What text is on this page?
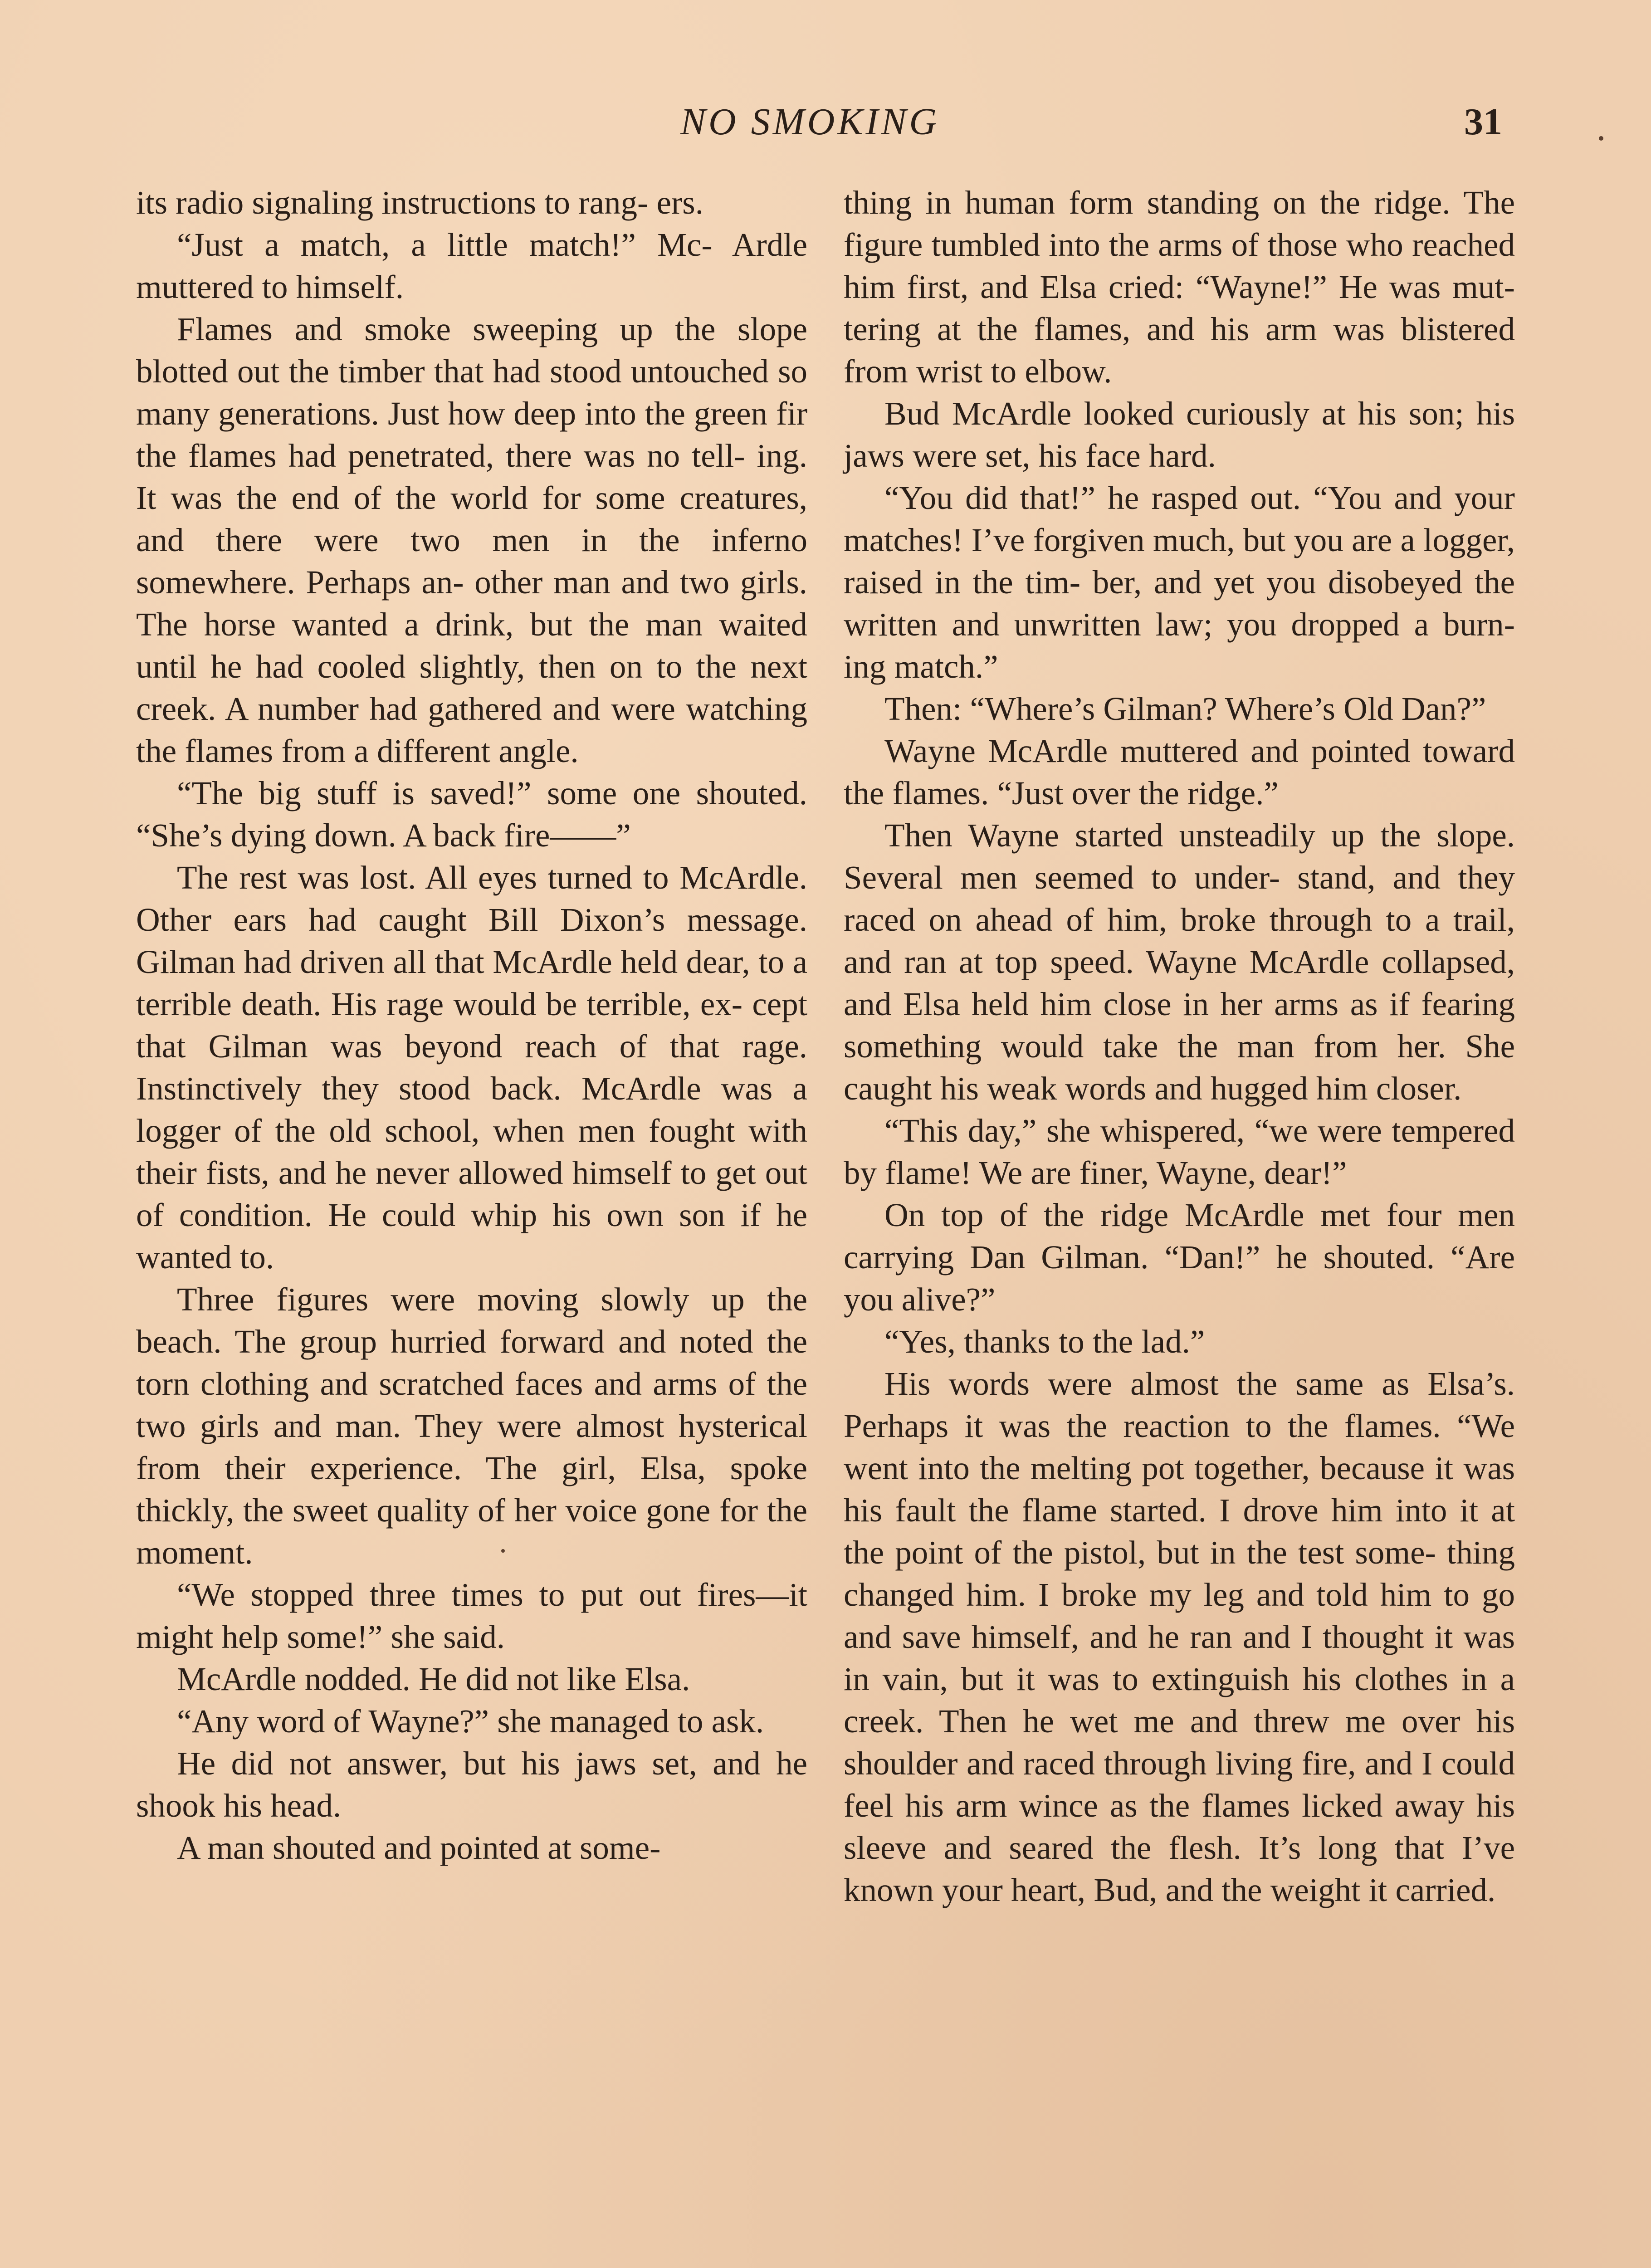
NO SMOKING	31

its radio signaling instructions to rang- ers.

“Just a match, a little match!” Mc- Ardle muttered to himself.

Flames and smoke sweeping up the slope blotted out the timber that had stood untouched so many generations. Just how deep into the green fir the flames had penetrated, there was no tell- ing. It was the end of the world for some creatures, and there were two men in the inferno somewhere. Perhaps an- other man and two girls. The horse wanted a drink, but the man waited until he had cooled slightly, then on to the next creek. A number had gathered and were watching the flames from a different angle.

“The big stuff is saved!” some one shouted. “She’s dying down. A back fire——”

The rest was lost. All eyes turned to McArdle. Other ears had caught Bill Dixon’s message. Gilman had driven all that McArdle held dear, to a terrible death. His rage would be terrible, ex- cept that Gilman was beyond reach of that rage. Instinctively they stood back. McArdle was a logger of the old school, when men fought with their fists, and he never allowed himself to get out of condition. He could whip his own son if he wanted to.

Three figures were moving slowly up the beach. The group hurried forward and noted the torn clothing and scratched faces and arms of the two girls and man. They were almost hysterical from their experience. The girl, Elsa, spoke thickly, the sweet quality of her voice gone for the moment.

“We stopped three times to put out fires—it might help some!” she said.

McArdle nodded. He did not like Elsa.

“Any word of Wayne?” she managed to ask.

He did not answer, but his jaws set, and he shook his head.

A man shouted and pointed at some-

thing in human form standing on the ridge. The figure tumbled into the arms of those who reached him first, and Elsa cried: “Wayne!” He was mut- tering at the flames, and his arm was blistered from wrist to elbow.

Bud McArdle looked curiously at his son; his jaws were set, his face hard.

“You did that!” he rasped out. “You and your matches! I’ve forgiven much, but you are a logger, raised in the tim- ber, and yet you disobeyed the written and unwritten law; you dropped a burn- ing match.”

Then: “Where’s Gilman? Where’s Old Dan?”

Wayne McArdle muttered and pointed toward the flames. “Just over the ridge.”

Then Wayne started unsteadily up the slope. Several men seemed to under- stand, and they raced on ahead of him, broke through to a trail, and ran at top speed. Wayne McArdle collapsed, and Elsa held him close in her arms as if fearing something would take the man from her. She caught his weak words and hugged him closer.

“This day,” she whispered, “we were tempered by flame! We are finer, Wayne, dear!”

On top of the ridge McArdle met four men carrying Dan Gilman. “Dan!” he shouted. “Are you alive?”

“Yes, thanks to the lad.”

His words were almost the same as Elsa’s. Perhaps it was the reaction to the flames. “We went into the melting pot together, because it was his fault the flame started. I drove him into it at the point of the pistol, but in the test some- thing changed him. I broke my leg and told him to go and save himself, and he ran and I thought it was in vain, but it was to extinguish his clothes in a creek. Then he wet me and threw me over his shoulder and raced through living fire, and I could feel his arm wince as the flames licked away his sleeve and seared the flesh. It’s long that I’ve known your heart, Bud, and the weight it carried.
